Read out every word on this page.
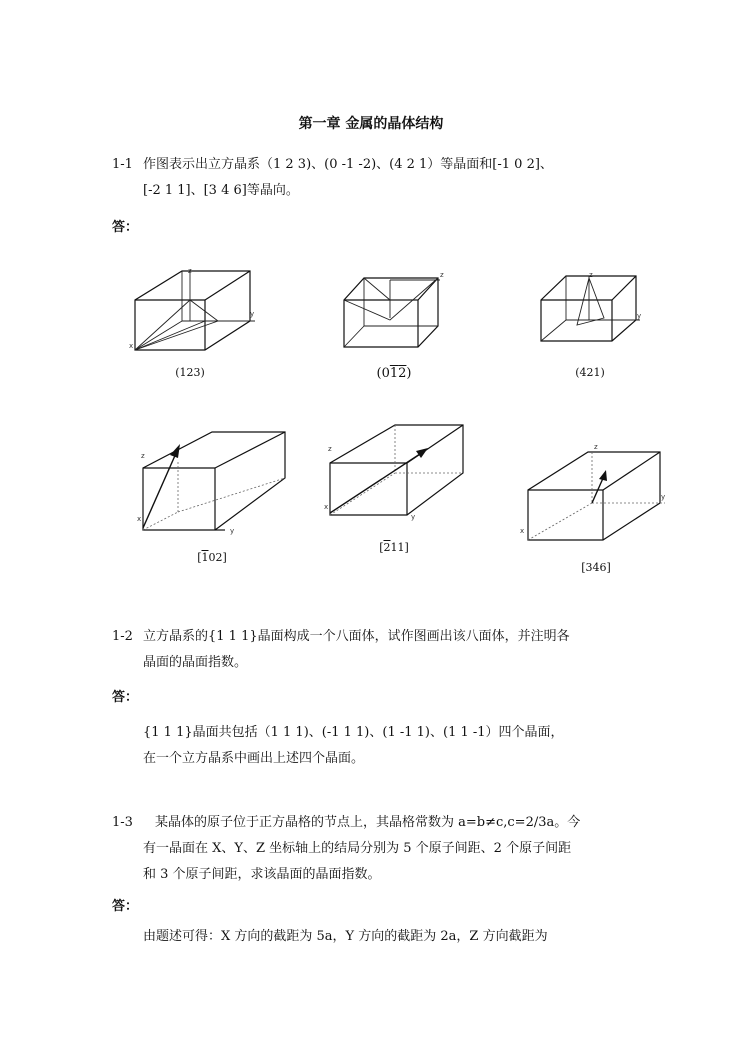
第一章 金属的晶体结构
1-1 作图表示出立方晶系（1 2 3)、(0 -1 -2)、(4 2 1）等晶面和[-1 0 2]、
[-2 1 1]、[3 4 6]等晶向。
答：
z
y
x
z	z
y
z
x
y
z
x
y
z
y
x
(123)	(012)	(421)
[102]
[211]
[346]
1-2 立方晶系的{1 1 1}晶面构成一个八面体，试作图画出该八面体，并注明各
晶面的晶面指数。
答：
{1 1 1}晶面共包括（1 1 1)、(-1 1 1)、(1 -1 1)、(1 1 -1）四个晶面，
在一个立方晶系中画出上述四个晶面。
1-3 某晶体的原子位于正方晶格的节点上，其晶格常数为 a=b≠c,c=2/3a。今
有一晶面在 X、Y、Z 坐标轴上的结局分别为 5 个原子间距、2 个原子间距
和 3 个原子间距，求该晶面的晶面指数。
答：
由题述可得：X 方向的截距为 5a，Y 方向的截距为 2a，Z 方向截距为
